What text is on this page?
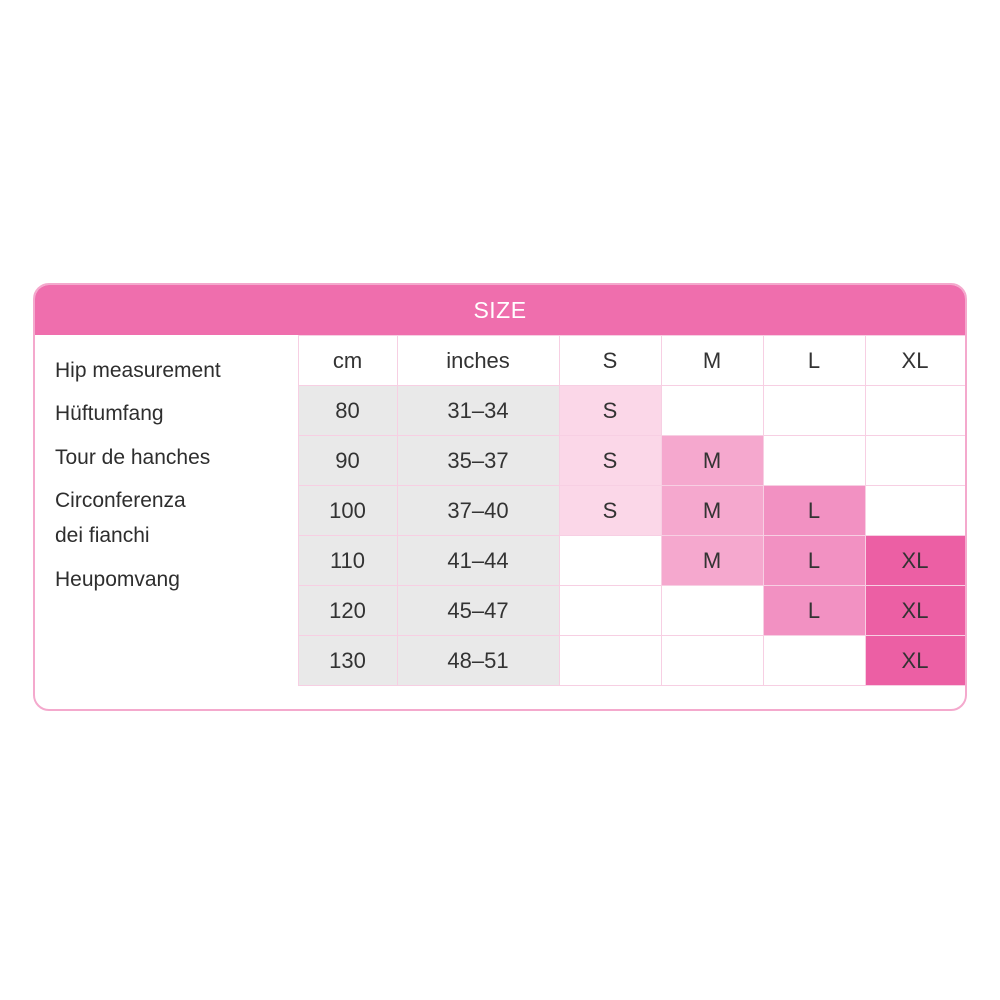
SIZE
Hip measurement
Hüftumfang
Tour de hanches
Circonferenza
dei fianchi
Heupomvang
	cm	inches	S	M	L	XL
	80	31–34	S			
	90	35–37	S	M		
	100	37–40	S	M	L	
	110	41–44		M	L	XL
	120	45–47			L	XL
	130	48–51				XL
